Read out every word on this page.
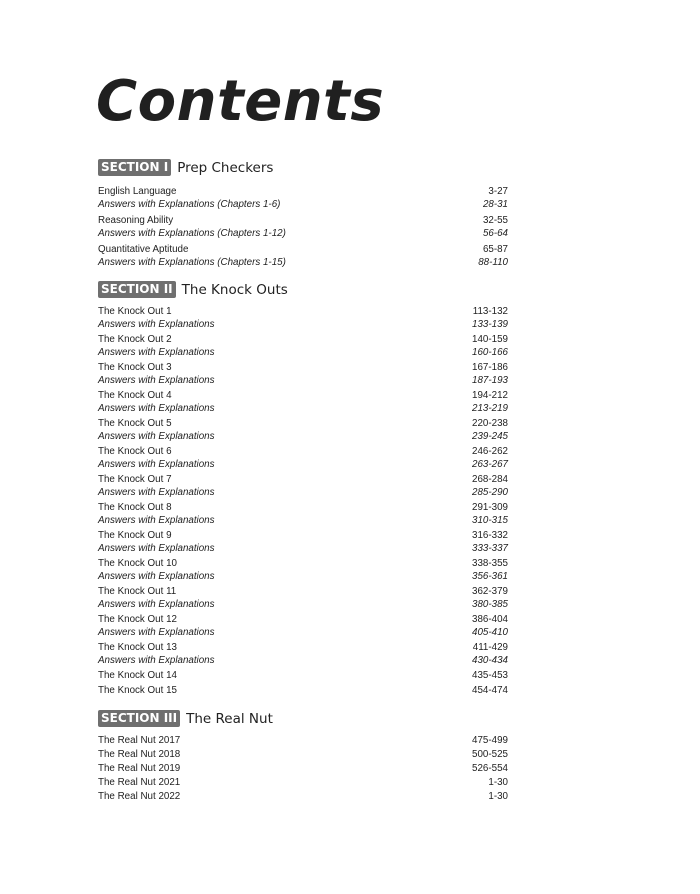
Contents
SECTION I Prep Checkers
English Language	3-27
Answers with Explanations (Chapters 1-6)	28-31
Reasoning Ability	32-55
Answers with Explanations (Chapters 1-12)	56-64
Quantitative Aptitude	65-87
Answers with Explanations (Chapters 1-15)	88-110
SECTION II The Knock Outs
The Knock Out 1	113-132
Answers with Explanations	133-139
The Knock Out 2	140-159
Answers with Explanations	160-166
The Knock Out 3	167-186
Answers with Explanations	187-193
The Knock Out 4	194-212
Answers with Explanations	213-219
The Knock Out 5	220-238
Answers with Explanations	239-245
The Knock Out 6	246-262
Answers with Explanations	263-267
The Knock Out 7	268-284
Answers with Explanations	285-290
The Knock Out 8	291-309
Answers with Explanations	310-315
The Knock Out 9	316-332
Answers with Explanations	333-337
The Knock Out 10	338-355
Answers with Explanations	356-361
The Knock Out 11	362-379
Answers with Explanations	380-385
The Knock Out 12	386-404
Answers with Explanations	405-410
The Knock Out 13	411-429
Answers with Explanations	430-434
The Knock Out 14	435-453
The Knock Out 15	454-474
SECTION III The Real Nut
The Real Nut 2017	475-499
The Real Nut 2018	500-525
The Real Nut 2019	526-554
The Real Nut 2021	1-30
The Real Nut 2022	1-30
